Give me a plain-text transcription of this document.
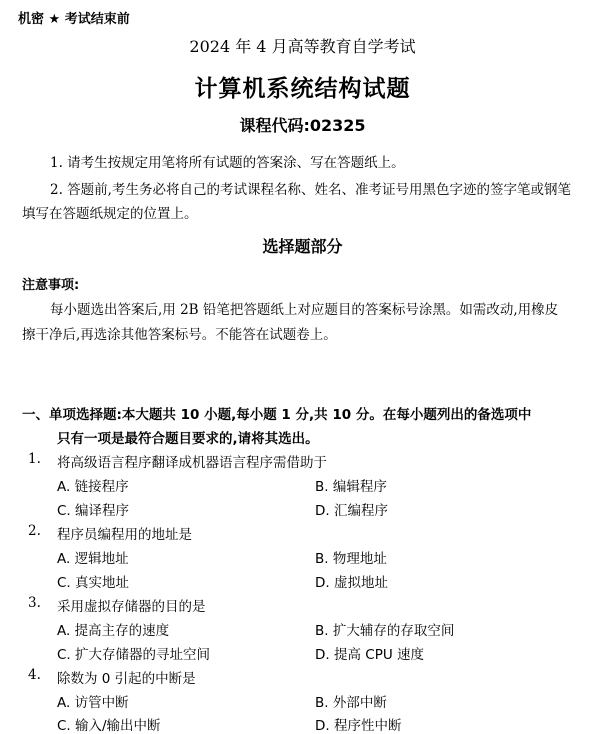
机密 ★ 考试结束前
2024 年 4 月高等教育自学考试
计算机系统结构试题
课程代码:02325
1. 请考生按规定用笔将所有试题的答案涂、写在答题纸上。
2. 答题前,考生务必将自己的考试课程名称、姓名、准考证号用黑色字迹的签字笔或钢笔
填写在答题纸规定的位置上。
选择题部分
注意事项:
每小题选出答案后,用 2B 铅笔把答题纸上对应题目的答案标号涂黑。如需改动,用橡皮
擦干净后,再选涂其他答案标号。不能答在试题卷上。
一、单项选择题:本大题共 10 小题,每小题 1 分,共 10 分。在每小题列出的备选项中
只有一项是最符合题目要求的,请将其选出。
1. 将高级语言程序翻译成机器语言程序需借助于
A. 链接程序	B. 编辑程序
C. 编译程序	D. 汇编程序
2. 程序员编程用的地址是
A. 逻辑地址	B. 物理地址
C. 真实地址	D. 虚拟地址
3. 采用虚拟存储器的目的是
A. 提高主存的速度	B. 扩大辅存的存取空间
C. 扩大存储器的寻址空间	D. 提高 CPU 速度
4. 除数为 0 引起的中断是
A. 访管中断	B. 外部中断
C. 输入/输出中断	D. 程序性中断
